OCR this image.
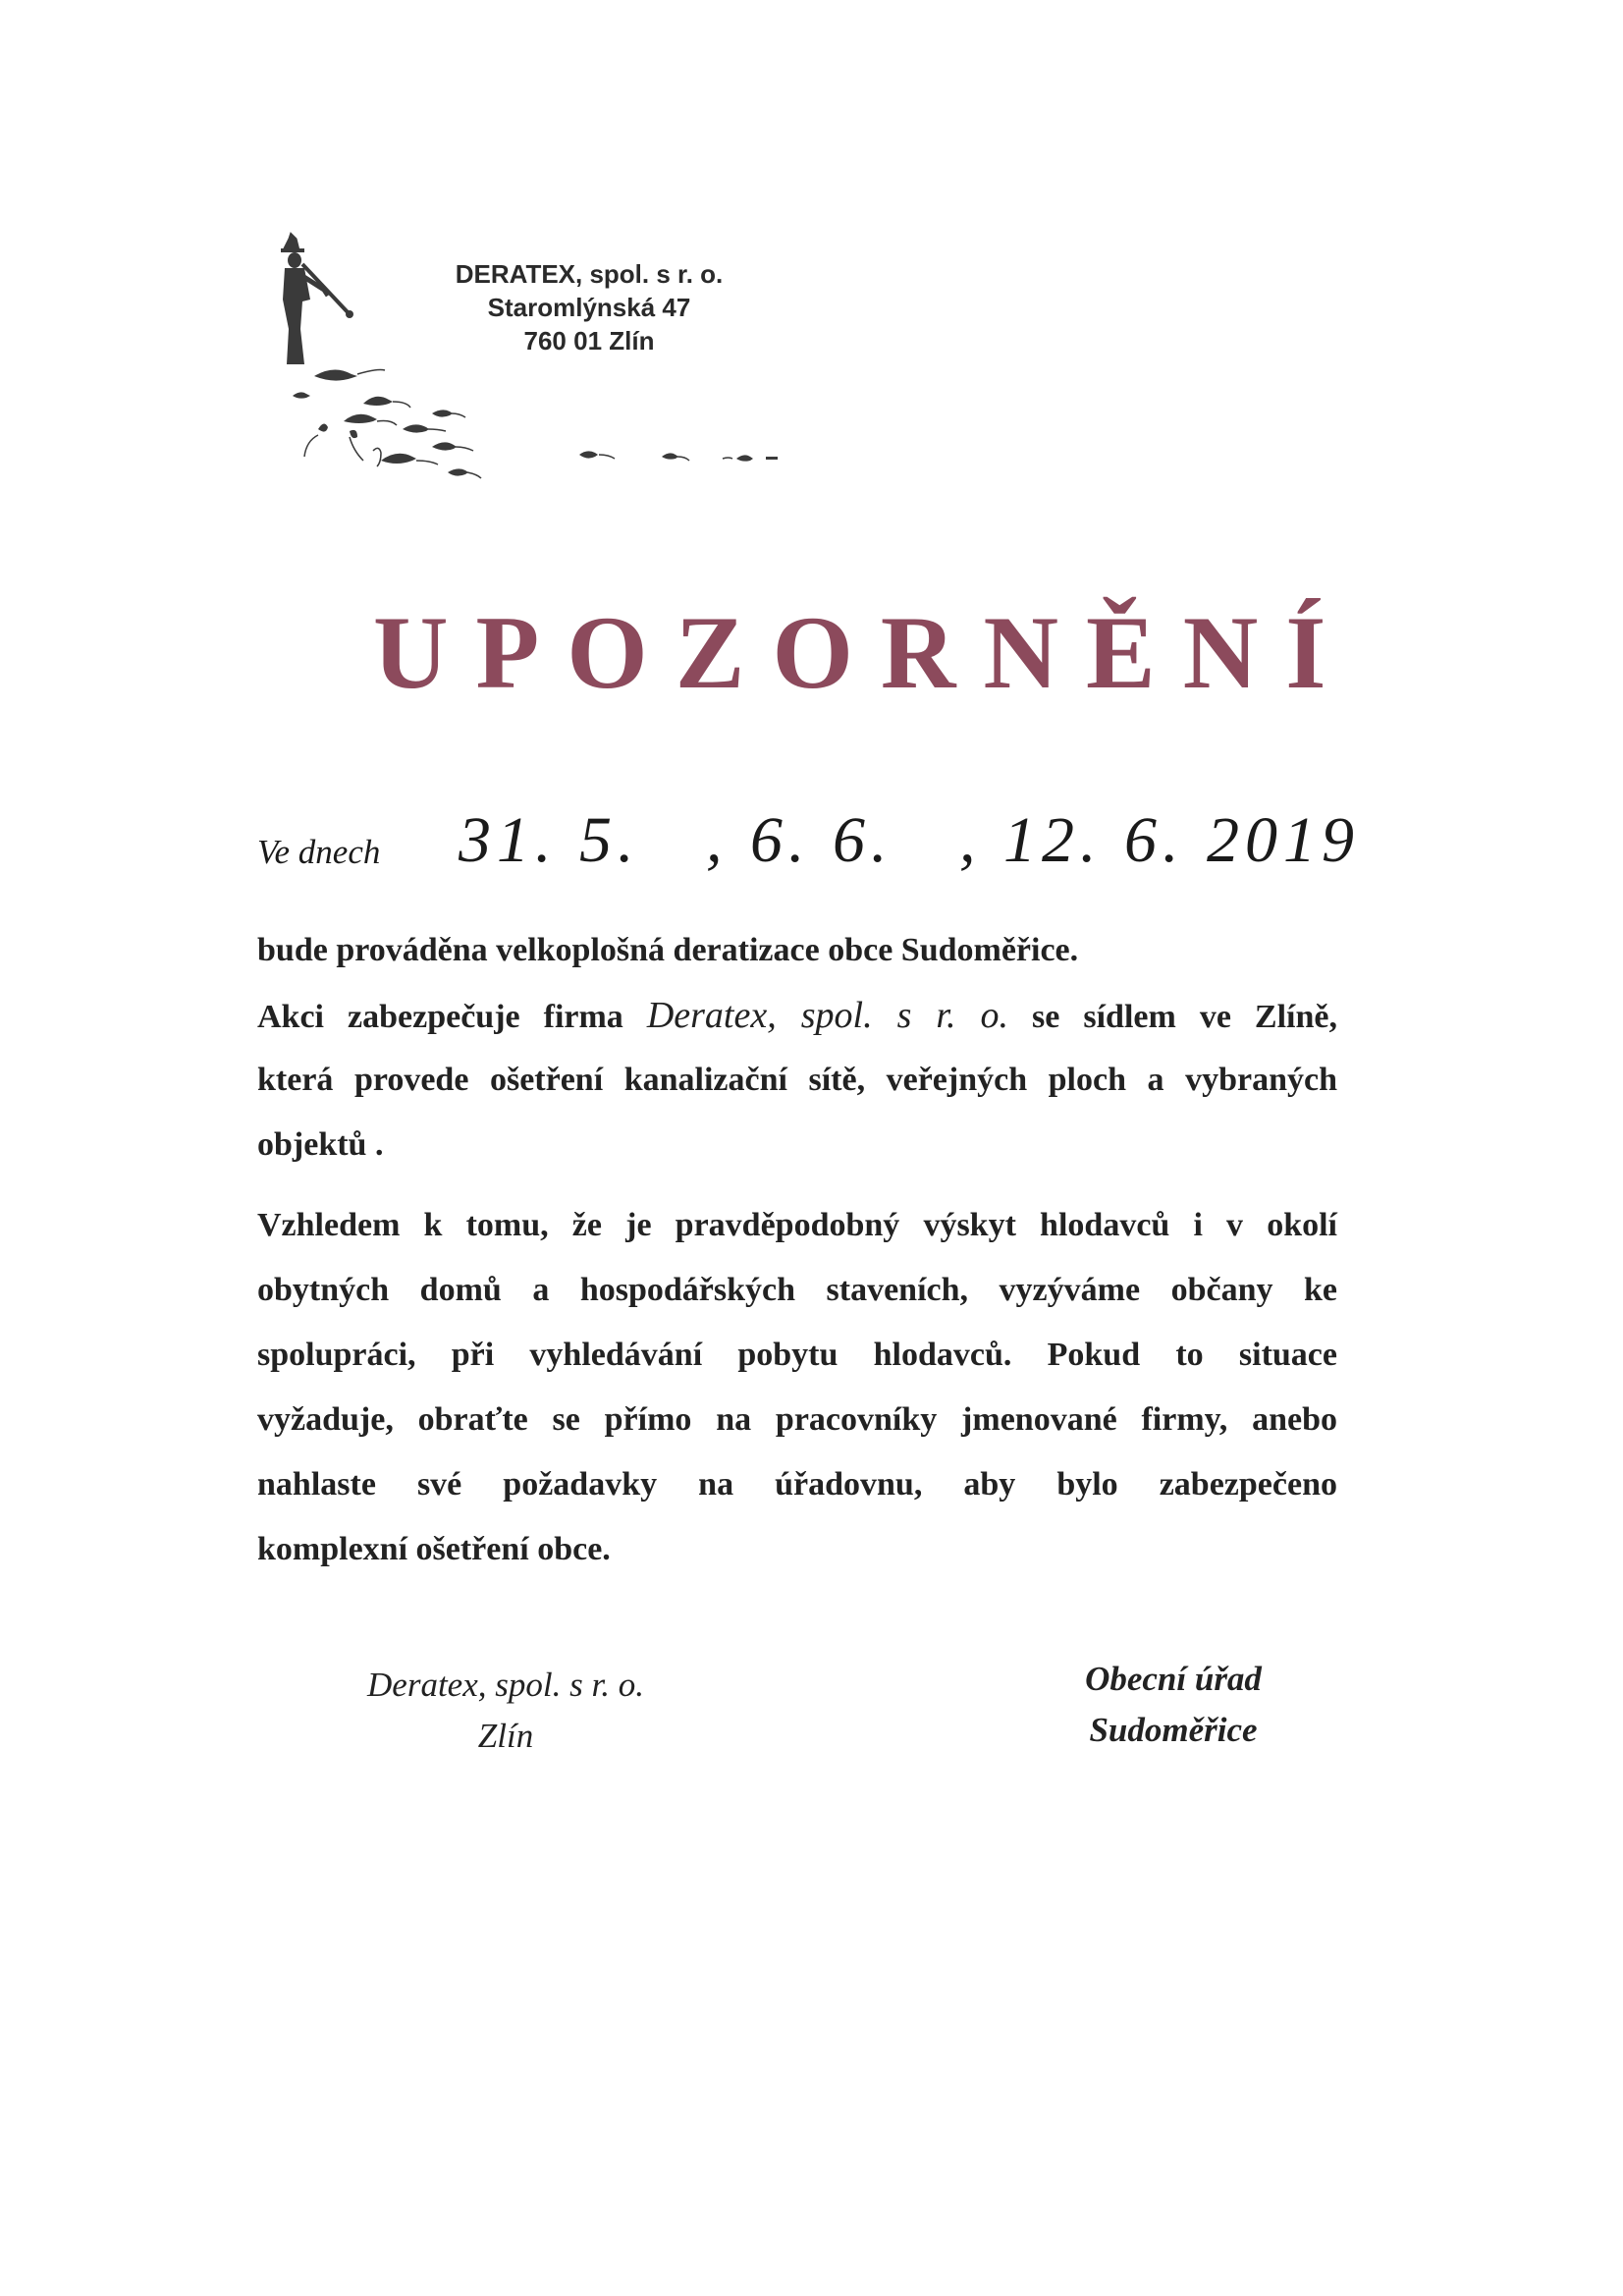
DERATEX, spol. s r. o.
Staromlýnská 47
760 01 Zlín
UPOZORNĚNÍ
Ve dnech 31. 5.   , 6. 6.   , 12. 6. 2019
bude prováděna velkoplošná deratizace obce Sudoměřice.
Akci zabezpečuje firma Deratex, spol. s r. o. se sídlem ve Zlíně,
která provede ošetření kanalizační sítě, veřejných ploch a vybraných
objektů .
Vzhledem k tomu, že je pravděpodobný výskyt hlodavců i v okolí
obytných domů a hospodářských staveních, vyzýváme občany ke
spolupráci, při vyhledávání pobytu hlodavců. Pokud to situace
vyžaduje, obraťte se přímo na pracovníky jmenované firmy, anebo
nahlaste své požadavky na úřadovnu, aby bylo zabezpečeno
komplexní ošetření obce.
Deratex, spol. s r. o.
Zlín
Obecní úřad
Sudoměřice
